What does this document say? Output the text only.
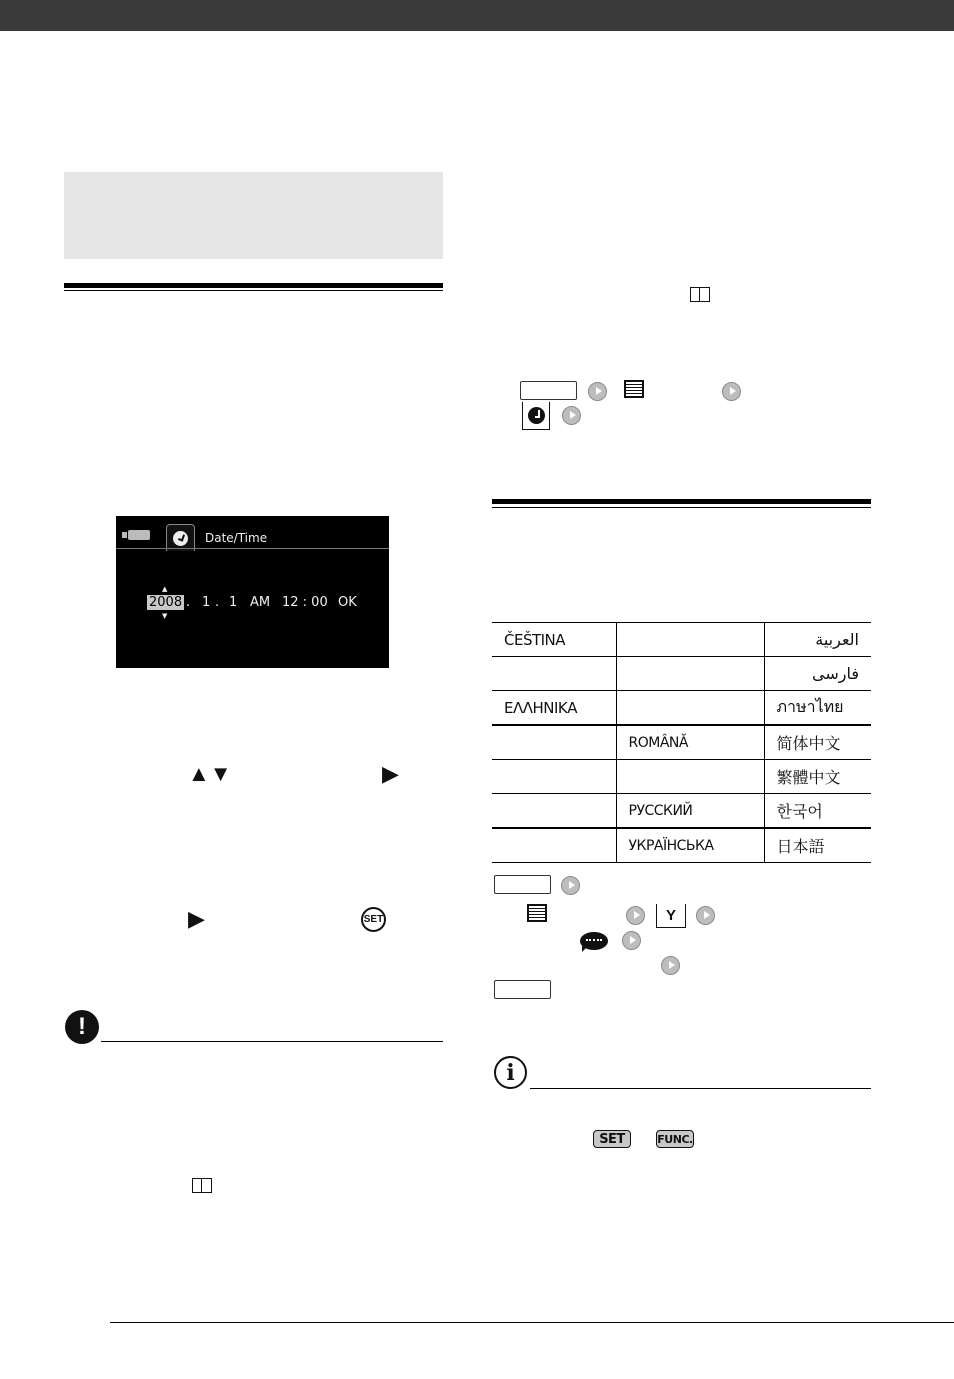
Date/Time
▲
▼
2008 . 1 . 1 AM 12 : 00 OK
▲▼	▶
▶	SET
!
ČEŠTINA		العربية
		فارسی
ΕΛΛΗΝΙΚΑ		ภาษาไทย
	ROMÂNĂ	简体中文
		繁體中文
	РУССКИЙ	한국어
	УКРАЇНСЬКА	日本語
Y
i
SET	FUNC.
